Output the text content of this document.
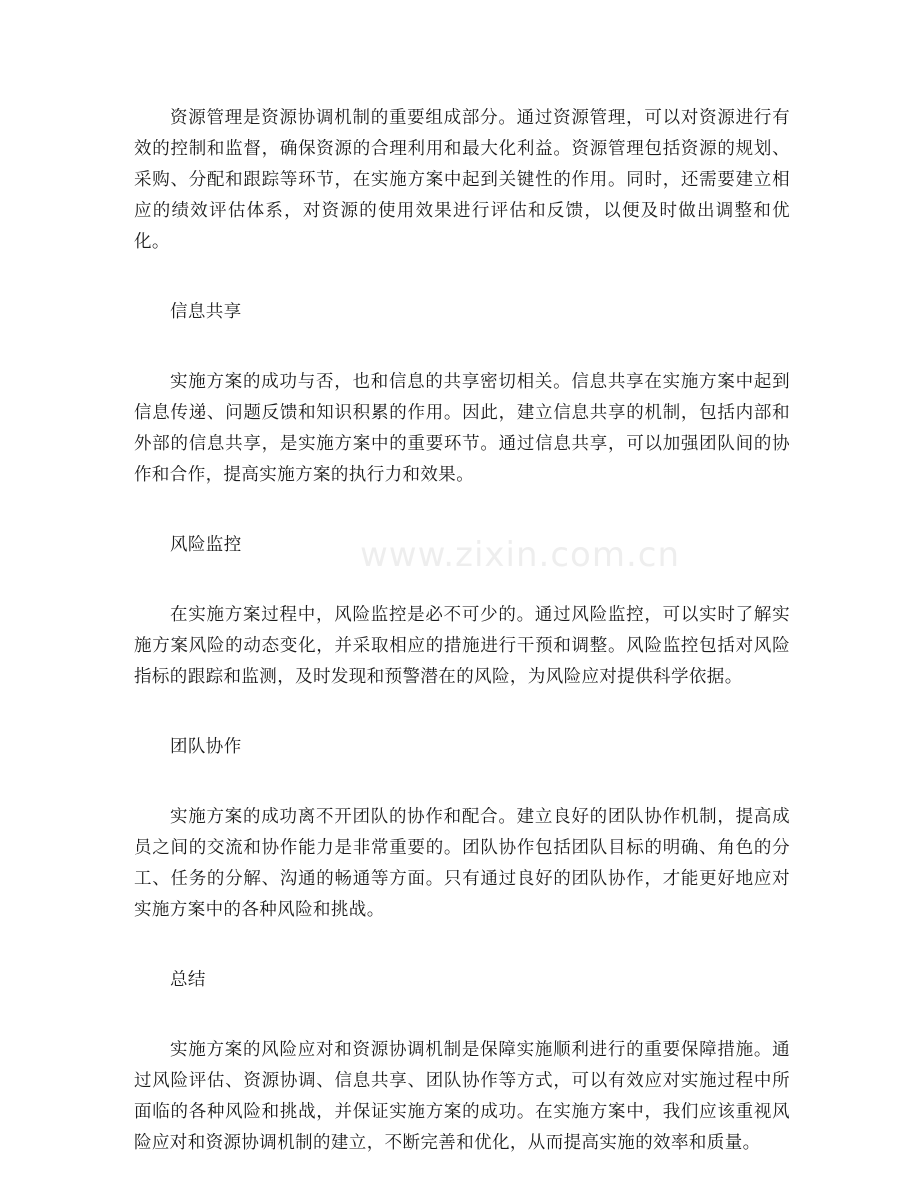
资源管理是资源协调机制的重要组成部分。通过资源管理，可以对资源进行有效的控制和监督，确保资源的合理利用和最大化利益。资源管理包括资源的规划、采购、分配和跟踪等环节，在实施方案中起到关键性的作用。同时，还需要建立相应的绩效评估体系，对资源的使用效果进行评估和反馈，以便及时做出调整和优化。

信息共享

实施方案的成功与否，也和信息的共享密切相关。信息共享在实施方案中起到信息传递、问题反馈和知识积累的作用。因此，建立信息共享的机制，包括内部和外部的信息共享，是实施方案中的重要环节。通过信息共享，可以加强团队间的协作和合作，提高实施方案的执行力和效果。

风险监控

在实施方案过程中，风险监控是必不可少的。通过风险监控，可以实时了解实施方案风险的动态变化，并采取相应的措施进行干预和调整。风险监控包括对风险指标的跟踪和监测，及时发现和预警潜在的风险，为风险应对提供科学依据。

团队协作

实施方案的成功离不开团队的协作和配合。建立良好的团队协作机制，提高成员之间的交流和协作能力是非常重要的。团队协作包括团队目标的明确、角色的分工、任务的分解、沟通的畅通等方面。只有通过良好的团队协作，才能更好地应对实施方案中的各种风险和挑战。

总结

实施方案的风险应对和资源协调机制是保障实施顺利进行的重要保障措施。通过风险评估、资源协调、信息共享、团队协作等方式，可以有效应对实施过程中所面临的各种风险和挑战，并保证实施方案的成功。在实施方案中，我们应该重视风险应对和资源协调机制的建立，不断完善和优化，从而提高实施的效率和质量。

www.zixin.com.cn
